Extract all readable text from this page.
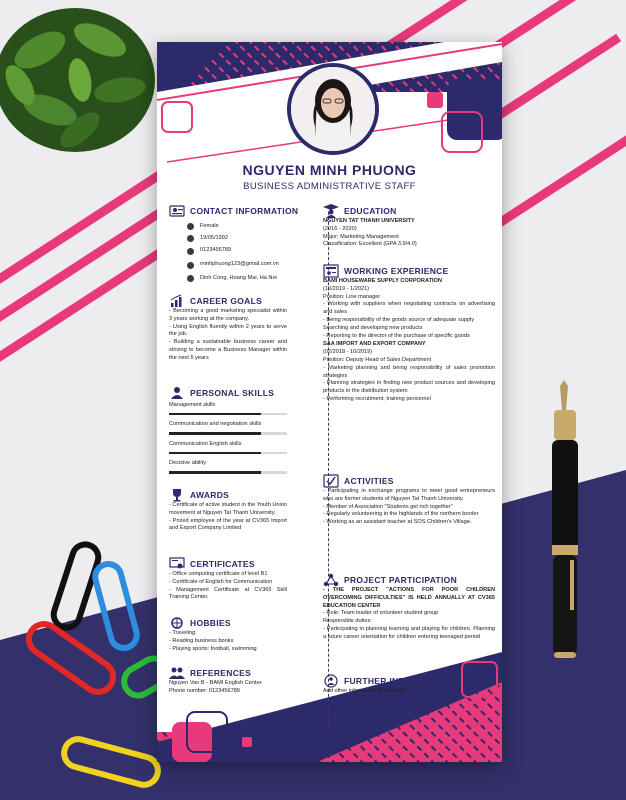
NGUYEN MINH PHUONG
BUSINESS ADMINISTRATIVE STAFF
CONTACT INFORMATION
Female
19/05/1992
0123456789
minhphuong123@gmail.com.vn
Dinh Cong, Hoang Mai, Ha Noi
CAREER GOALS
- Becoming a good marketing specialist within 3 years working at the company.
- Using English fluently within 2 years to serve the job.
- Building a sustainable business career and striving to become a Business Manager within the next 5 years
PERSONAL SKILLS
Management skills
Communication and negotiation skills
Communication English skills
Decisive ability
AWARDS
- Certificate of active student in the Youth Union movement at Nguyen Tat Thanh University.
- Prized employee of the year at CV365 Import and Export Company Limited
CERTIFICATES
- Office computing certificate of level B1
- Certificate of English for Communication
- Management Certificate at CV365 Skill Training Center.
HOBBIES
- Traveling
- Reading business books
- Playing sports: football, swimming
REFERENCES
Nguyen Van B - BAMI English Center
Phone number: 0123456789
EDUCATION
NGUYEN TAT THANH UNIVERSITY
(2016 - 2020)
Major: Marketing Management
Classification: Excellent (GPA 3.9/4.0)
WORKING EXPERIENCE
BAMI HOUSEWARE SUPPLY CORPORATION
(10/2019 - 1/2021)
Position: Line manager
- Working with suppliers when negotiating contracts on advertising and sales
- Being responsibility of the goods source of adequate supply
Searching and developing new products
- Reporting to the director of the purchase of specific goods
SAA IMPORT AND EXPORT COMPANY
(02/2018 - 10/2019)
Position: Deputy Head of Sales Department
- Marketing planning and being responsibility of sales promotion strategies
- Planning strategies in finding new product sources and developing products in the distribution system
- Performing recruitment, training personnel
ACTIVITIES
- Participating in exchange programs to meet good entrepreneurs who are former students of Nguyen Tat Thanh University.
- Member of Association "Students get rich together"
- Regularly volunteering in the highlands of the northern border
- Working as an assistant teacher at SOS Children's Village.
PROJECT PARTICIPATION
- THE PROJECT "ACTIONS FOR POOR CHILDREN OVERCOMING DIFFICULTIES" IS HELD ANNUALLY AT CV365 EDUCATION CENTER
- Role: Team leader of volunteer student group
Responsible duties:
- Participating in planning learning and playing for children. Planning a future career orientation for children entering teenaged period
FURTHER INFORMATION
Add other information (if needed):
